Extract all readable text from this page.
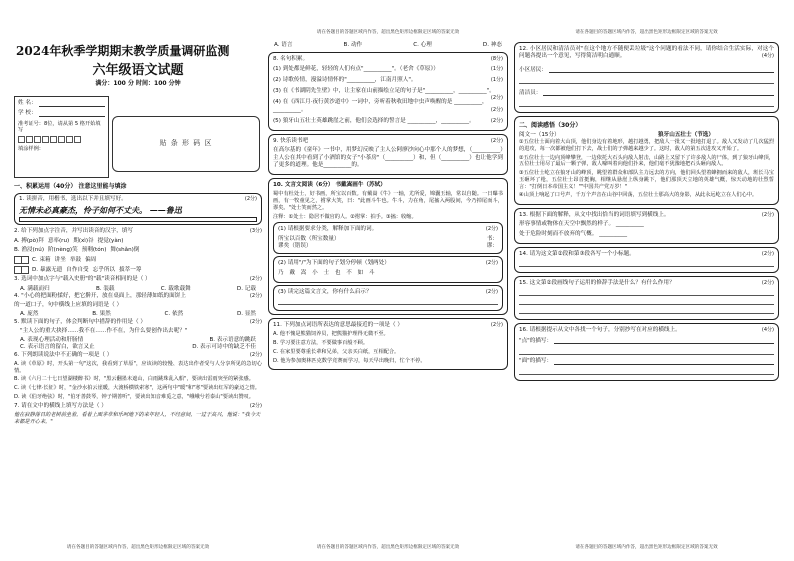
请在各题目的答题区域内作答，超出黑色矩形边框限定区域的答案无效	请在各题目的答题区域内作答，超出黑色矩形边框限定区域的答案无效
2024年秋季学期期末教学质量调研监测
六年级语文试题
满分：100 分 时间：100 分钟
姓 名：
学 校：
准考证号：8位，请从第 5 格开始填写
填涂样例：
贴 条 形 码 区
一、积累运用（40分） 注意这里能与填涂
1. 读拼音，用楷书，选出以下并且填写好。	(2分)
无情未必真豪杰，怜子如何不丈夫。 ——鲁迅
2. 给下列加点字注音，并写出读音的汉字，填写	(3分)
A. 搏(pò)拜 意率(ru) 期(xì)谷 提觉(yàn)
B. 渔浸(nú) 阶(nèng)笑 预剩(tón) 舞(shǎn)倒
C. 束箱 讲坐 举鼓 偏周
D. 暴露无遗 自作自受 忘乎所以 拔萃一筹
3. 选词中加点字与"载入史册"的"载"读音相同的是（ ）	(2分)
A. 满载而归	B. 装载	C. 载歌载舞	D. 记载
4. "小心的把面粉揉好，把它擀开，放在桌面上，那轻薄如纸的面饼上	(2分)
的一道口子，句中横线上应填的词语是（ ）
A. 庞然	B. 果然	C. 依然	D. 显然
5. 默读下面的句子，体会判断句中措辞的作用是（ ）	(2分)
"主人公的重大抉择……我不在……作不在，为什么要创作出去呢？"
A. 表现心理活动和肝肠情	B. 表示语意的跳跃
C. 表示语言的留白，欲言又止	D. 表示可诗中的缺乏不佳
6. 下列朗读说法中不正确的一项是（ ）	(2分)
A. 读《草原》时，开头第一句"这次，我看到了草原"，应该读的较慢、表达出作者受与人分享所见的急切心情。
B. 读《六月二十七日望湖楼醉书》时，"黑云翻墨未遮山，白雨跳珠乱入船"，要读出雷雨突至的紧张感。
C. 读《七律·长征》时，"金沙水拍云崖暖，大渡桥横铁索寒"，这两句中"暖"和"寒"要读出红军的豪迈之情。
D. 读《伯牙绝弦》时，"伯牙善鼓琴，钟子期善听"，要读出知音难觅之意，"峨峨兮若泰山"要读出赞叹。
7. 请在文中的横线上填写方法是（ ）	(2分)
他在寂静落日的老树前坐着，看着上面茅草和乐呵地下的来年轻人，不经意间，一过于高兴，他说："我今天来都是开心来。"
A. 语言	B. 动作	C. 心理	D. 神态
8. 名句积累。	(8分)
(1) 到处都是鲜花，轻轻的人们有点"__________"。（老舍《草原》）	(1分)
(2) 诗歌传情，漫溢诗情怀的"__________，江南月照人"。	(1分)
(3) 在《书湖阴先生壁》中，让主家在山前描绘立足的句子是"__________，__________"。
(2分)
(4) 在《西江月·夜行黄沙道中》一词中，旁听着秋收田地中虫声唤醒的是 __________，__________。	(2分)
(5) 狼牙山五壮士英雄跳崖之前，他们会选择的誓言是 __________，__________。	(2分)
9. 快乐读书吧	(2分)
在高尔基的《童年》一书中，用梦幻反映了主人公阿廖沙向心中那个人的梦想，（__________）主人公在其中看到了小酒馆的女子"小茶房"（__________）和，但（__________）也让他学到了更多的道理。他是__________的。
10. 文言文阅读（6分） 书戴嵩画牛（苏轼）
蜀中有杜处士，好书画，所宝以百数。有戴嵩《牛》一轴，尤所爱，锦囊玉轴，常以自随。一日曝书画，有一牧童见之，拊掌大笑，曰："此画斗牛也。牛斗，力在角，尾搐入两股间，今乃掉尾而斗，谬矣。"处士笑而然之。
注释：①处士：隐居不做官的人。②拊掌：拍手。③搐：收缩。
(1) 请根据要求分类，解释加下面的词。	(2分)
所宝以百数（所宝数量）	书：
谬矣（错误）	谬：
(2) 请用"/"为下面的句子划分停顿（划两处）	(2分)
乃 戴 嵩 小 士 也 不 如 斗
(3) 读完这篇文言文，你有什么启示？	(2分)
11. 下列加点词语所表达的意思最接近的一项是（ ）	(2分)
A. 他不愧是熊猫饲养员，把熊猫护理得无微不至。
B. 学习要注意方法，不要做事百般不顾。
C. 在家里要尊重长辈和兄弟，父亲买白纸，互相配合。
D. 他为参加奥林匹克数学竞赛而学习，每天早出晚归，忙个不停。
12. 小区居民和清洁员对"在这个地方不随便丢垃圾"这个问题的看法不同，请你结合生活实际，对这个问题各提出一个意见，写得简洁明白通顺。	(4分)
小区居民：
清洁员：
二、阅读感悟（30分）
阅文一（15分）	狼牙山五壮士（节选）
①五位壮士面向着大山顶，他们身边有着地形，越打越勇，把敌人一批又一批地打退了。敌人又发动了几次猛烈的进攻，每一次都被他们打下去，战士们的子弹越来越少了。这时，敌人的第五次进攻又开始了。
②五位壮士一边向顶峰攀登，一边依托大石头向敌人射击，山路上又留下了许多敌人的尸体，到了狼牙山峰顶，五位壮士用尽了最后一颗子弹，敌人嚎叫着向他们扑来，他们毫不犹豫地把石头砸向敌人。
③五位壮士屹立在狼牙山的峰顶，眺望着群众和部队主力远去的方向，他们回头望着蜂拥而来的敌人，班长马宝玉砸坏了枪，五位壮士昂首挺胸，相继从悬崖上纵身跳下，他们那顶天立地的英雄气概，惊天动地的壮烈誓言："打倒日本帝国主义！""中国共产党万岁！"
④山顶上响起了口号声，千万个声音在山谷中回荡，五位壮士那高大的身影，从此永远屹立在人们心中。
13. 根据下面的解释，从文中找出恰当的词语填写到横线上。	(2分)
形容事情或物体在天空中飘然的样子。 __________
处于危险时刻而不放弃的气概。 __________
14. 请为这文第②段和第③段各写一个小标题。	(2分)
15. 这文第②段画线句子运用的修辞手法是什么？有什么作用？	(2分)
16. 请根据提示从文中各找一个句子，分别抄写在对应的横线上。	(4分)
"点"的描写：
"面"的描写：
请在各题目的答题区域内作答，超出黑色矩形边框限定区域的答案无效	请在各题目的答题区域内作答，超出黑色矩形边框限定区域的答案无效	请在各题目的答题区域内作答，超出黑色矩形边框限定区域的答案无效
